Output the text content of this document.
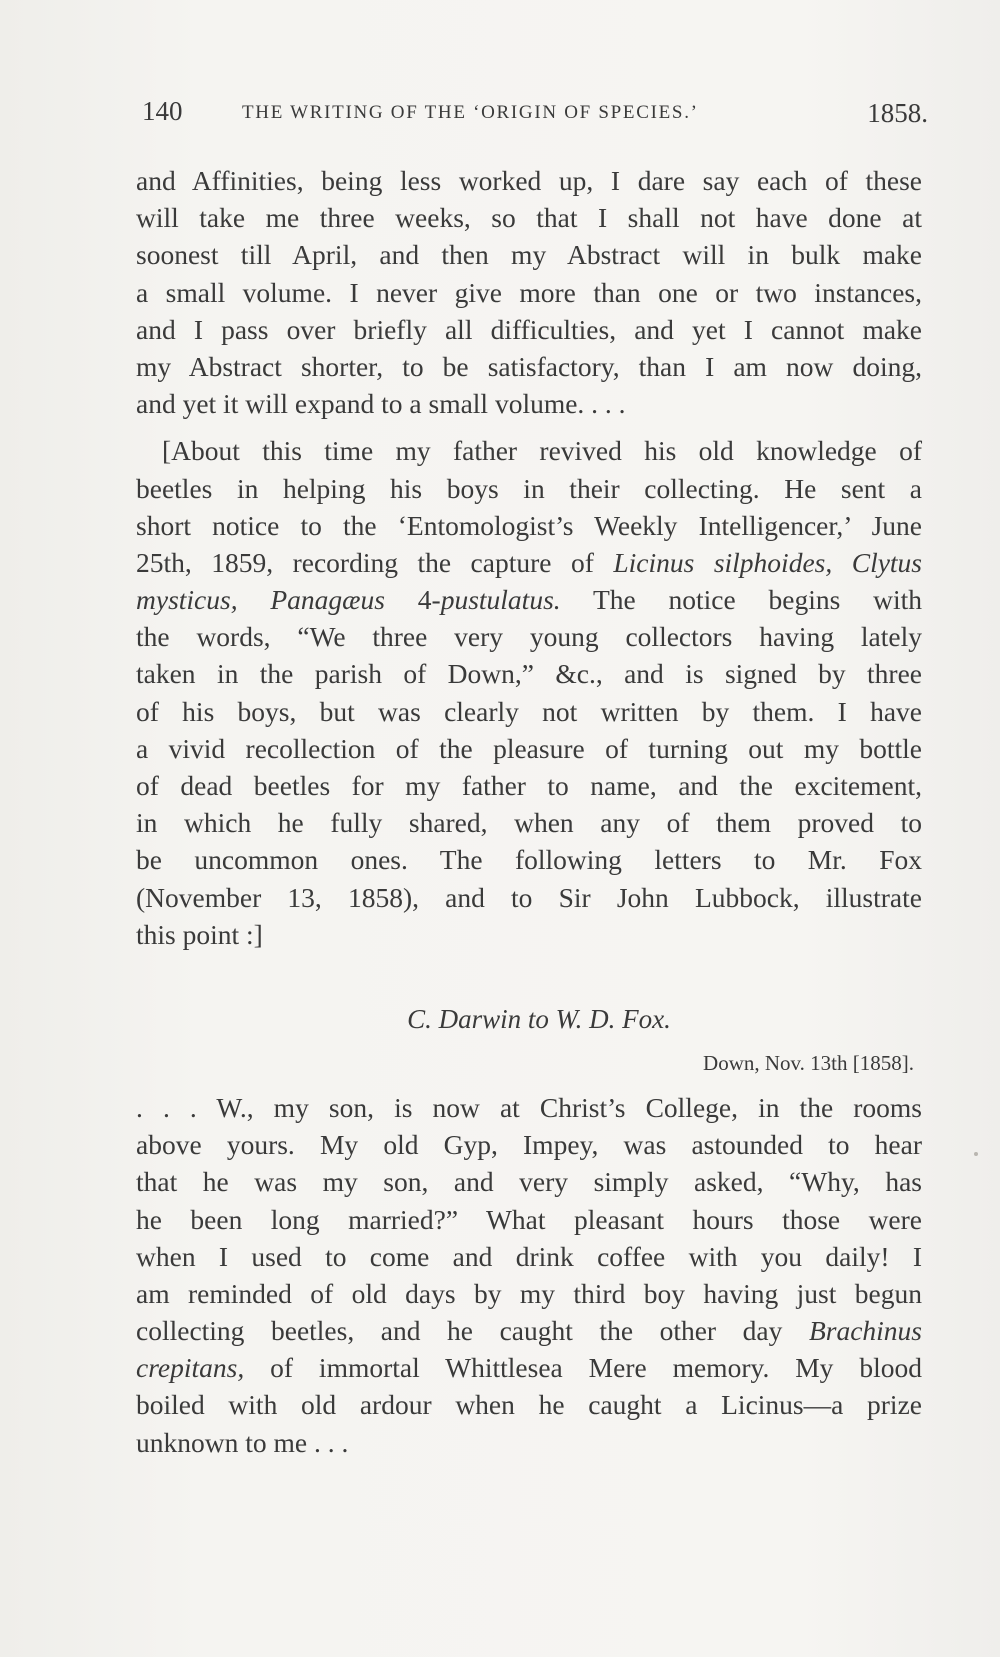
140	THE WRITING OF THE ‘ORIGIN OF SPECIES.’	1858.
and Affinities, being less worked up, I dare say each of these
will take me three weeks, so that I shall not have done at
soonest till April, and then my Abstract will in bulk make
a small volume. I never give more than one or two instances,
and I pass over briefly all difficulties, and yet I cannot make
my Abstract shorter, to be satisfactory, than I am now doing,
and yet it will expand to a small volume. . . .
[About this time my father revived his old knowledge of
beetles in helping his boys in their collecting. He sent a
short notice to the ‘Entomologist’s Weekly Intelligencer,’ June
25th, 1859, recording the capture of Licinus silphoides, Clytus
mysticus, Panagæus 4-pustulatus. The notice begins with
the words, “We three very young collectors having lately
taken in the parish of Down,” &c., and is signed by three
of his boys, but was clearly not written by them. I have
a vivid recollection of the pleasure of turning out my bottle
of dead beetles for my father to name, and the excitement,
in which he fully shared, when any of them proved to
be uncommon ones. The following letters to Mr. Fox
(November 13, 1858), and to Sir John Lubbock, illustrate
this point :]
C. Darwin to W. D. Fox.
Down, Nov. 13th [1858].
. . . W., my son, is now at Christ’s College, in the rooms
above yours. My old Gyp, Impey, was astounded to hear
that he was my son, and very simply asked, “Why, has
he been long married?” What pleasant hours those were
when I used to come and drink coffee with you daily! I
am reminded of old days by my third boy having just begun
collecting beetles, and he caught the other day Brachinus
crepitans, of immortal Whittlesea Mere memory. My blood
boiled with old ardour when he caught a Licinus—a prize
unknown to me . . .
